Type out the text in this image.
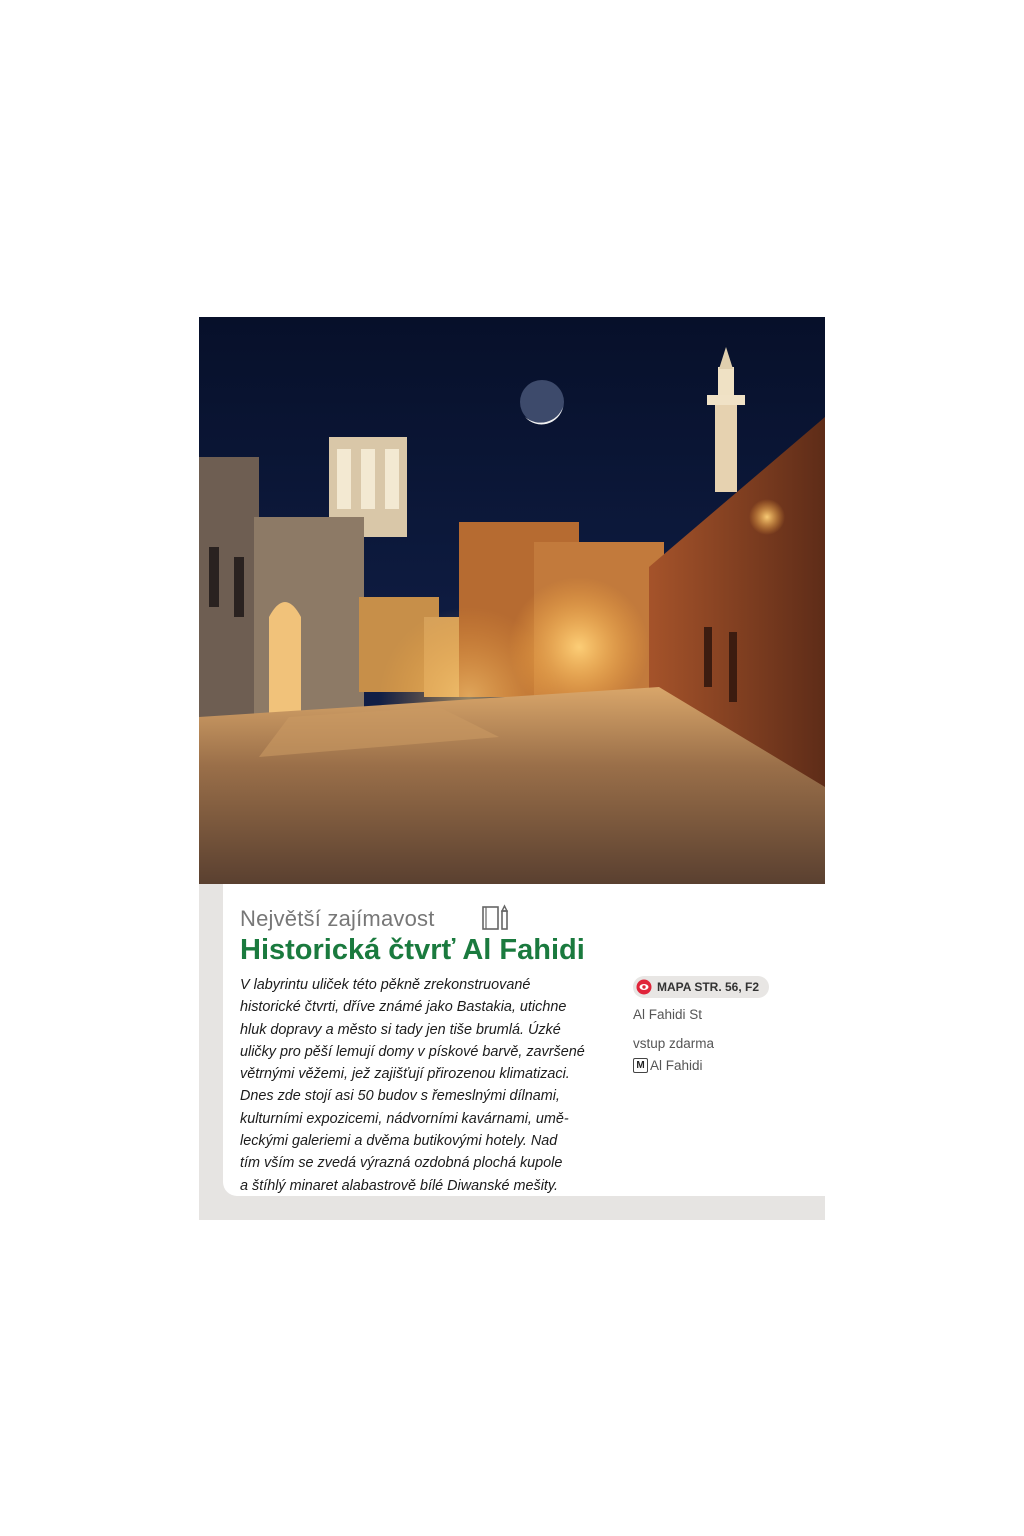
Největší zajímavost
Historická čtvrť Al Fahidi
V labyrintu uliček této pěkně zrekonstruované
historické čtvrti, dříve známé jako Bastakia, utichne
hluk dopravy a město si tady jen tiše brumlá. Úzké
uličky pro pěší lemují domy v pískové barvě, završené
větrnými věžemi, jež zajišťují přirozenou klimatizaci.
Dnes zde stojí asi 50 budov s řemeslnými dílnami,
kulturními expozicemi, nádvorními kavárnami, umě-
leckými galeriemi a dvěma butikovými hotely. Nad
tím vším se zvedá výrazná ozdobná plochá kupole
a štíhlý minaret alabastrově bílé Diwanské mešity.
MAPA STR. 56, F2
Al Fahidi St
vstup zdarma
M Al Fahidi
